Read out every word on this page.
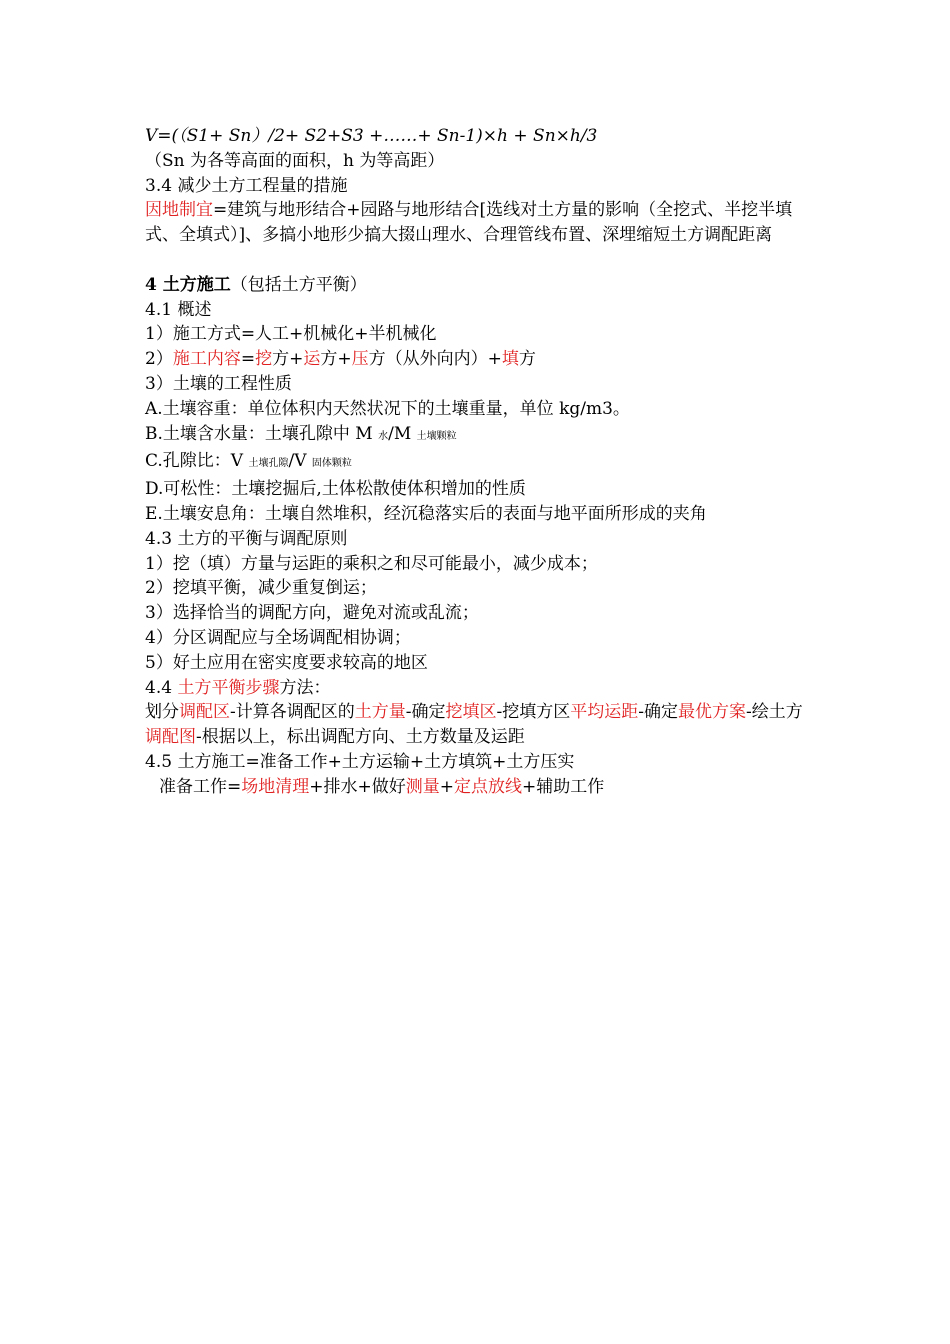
V=(（S1+ Sn）/2+ S2+S3 +……+ Sn-1)×h + Sn×h/3
（Sn 为各等高面的面积，h 为等高距）
3.4 减少土方工程量的措施
因地制宜=建筑与地形结合+园路与地形结合[选线对土方量的影响（全挖式、半挖半填式、全填式）]、多搞小地形少搞大掇山理水、合理管线布置、深埋缩短土方调配距离
4 土方施工（包括土方平衡）
4.1 概述
1）施工方式=人工+机械化+半机械化
2）施工内容=挖方+运方+压方（从外向内）+填方
3）土壤的工程性质
A.土壤容重：单位体积内天然状况下的土壤重量，单位 kg/m3。
B.土壤含水量：土壤孔隙中 M 水/M 土壤颗粒
C.孔隙比：V 土壤孔隙/V 固体颗粒
D.可松性：土壤挖掘后,土体松散使体积增加的性质
E.土壤安息角：土壤自然堆积，经沉稳落实后的表面与地平面所形成的夹角
4.3 土方的平衡与调配原则
1）挖（填）方量与运距的乘积之和尽可能最小，减少成本；
2）挖填平衡，减少重复倒运；
3）选择恰当的调配方向，避免对流或乱流；
4）分区调配应与全场调配相协调；
5）好土应用在密实度要求较高的地区
4.4 土方平衡步骤方法：
划分调配区-计算各调配区的土方量-确定挖填区-挖填方区平均运距-确定最优方案-绘土方调配图-根据以上，标出调配方向、土方数量及运距
4.5 土方施工=准备工作+土方运输+土方填筑+土方压实
准备工作=场地清理+排水+做好测量+定点放线+辅助工作
